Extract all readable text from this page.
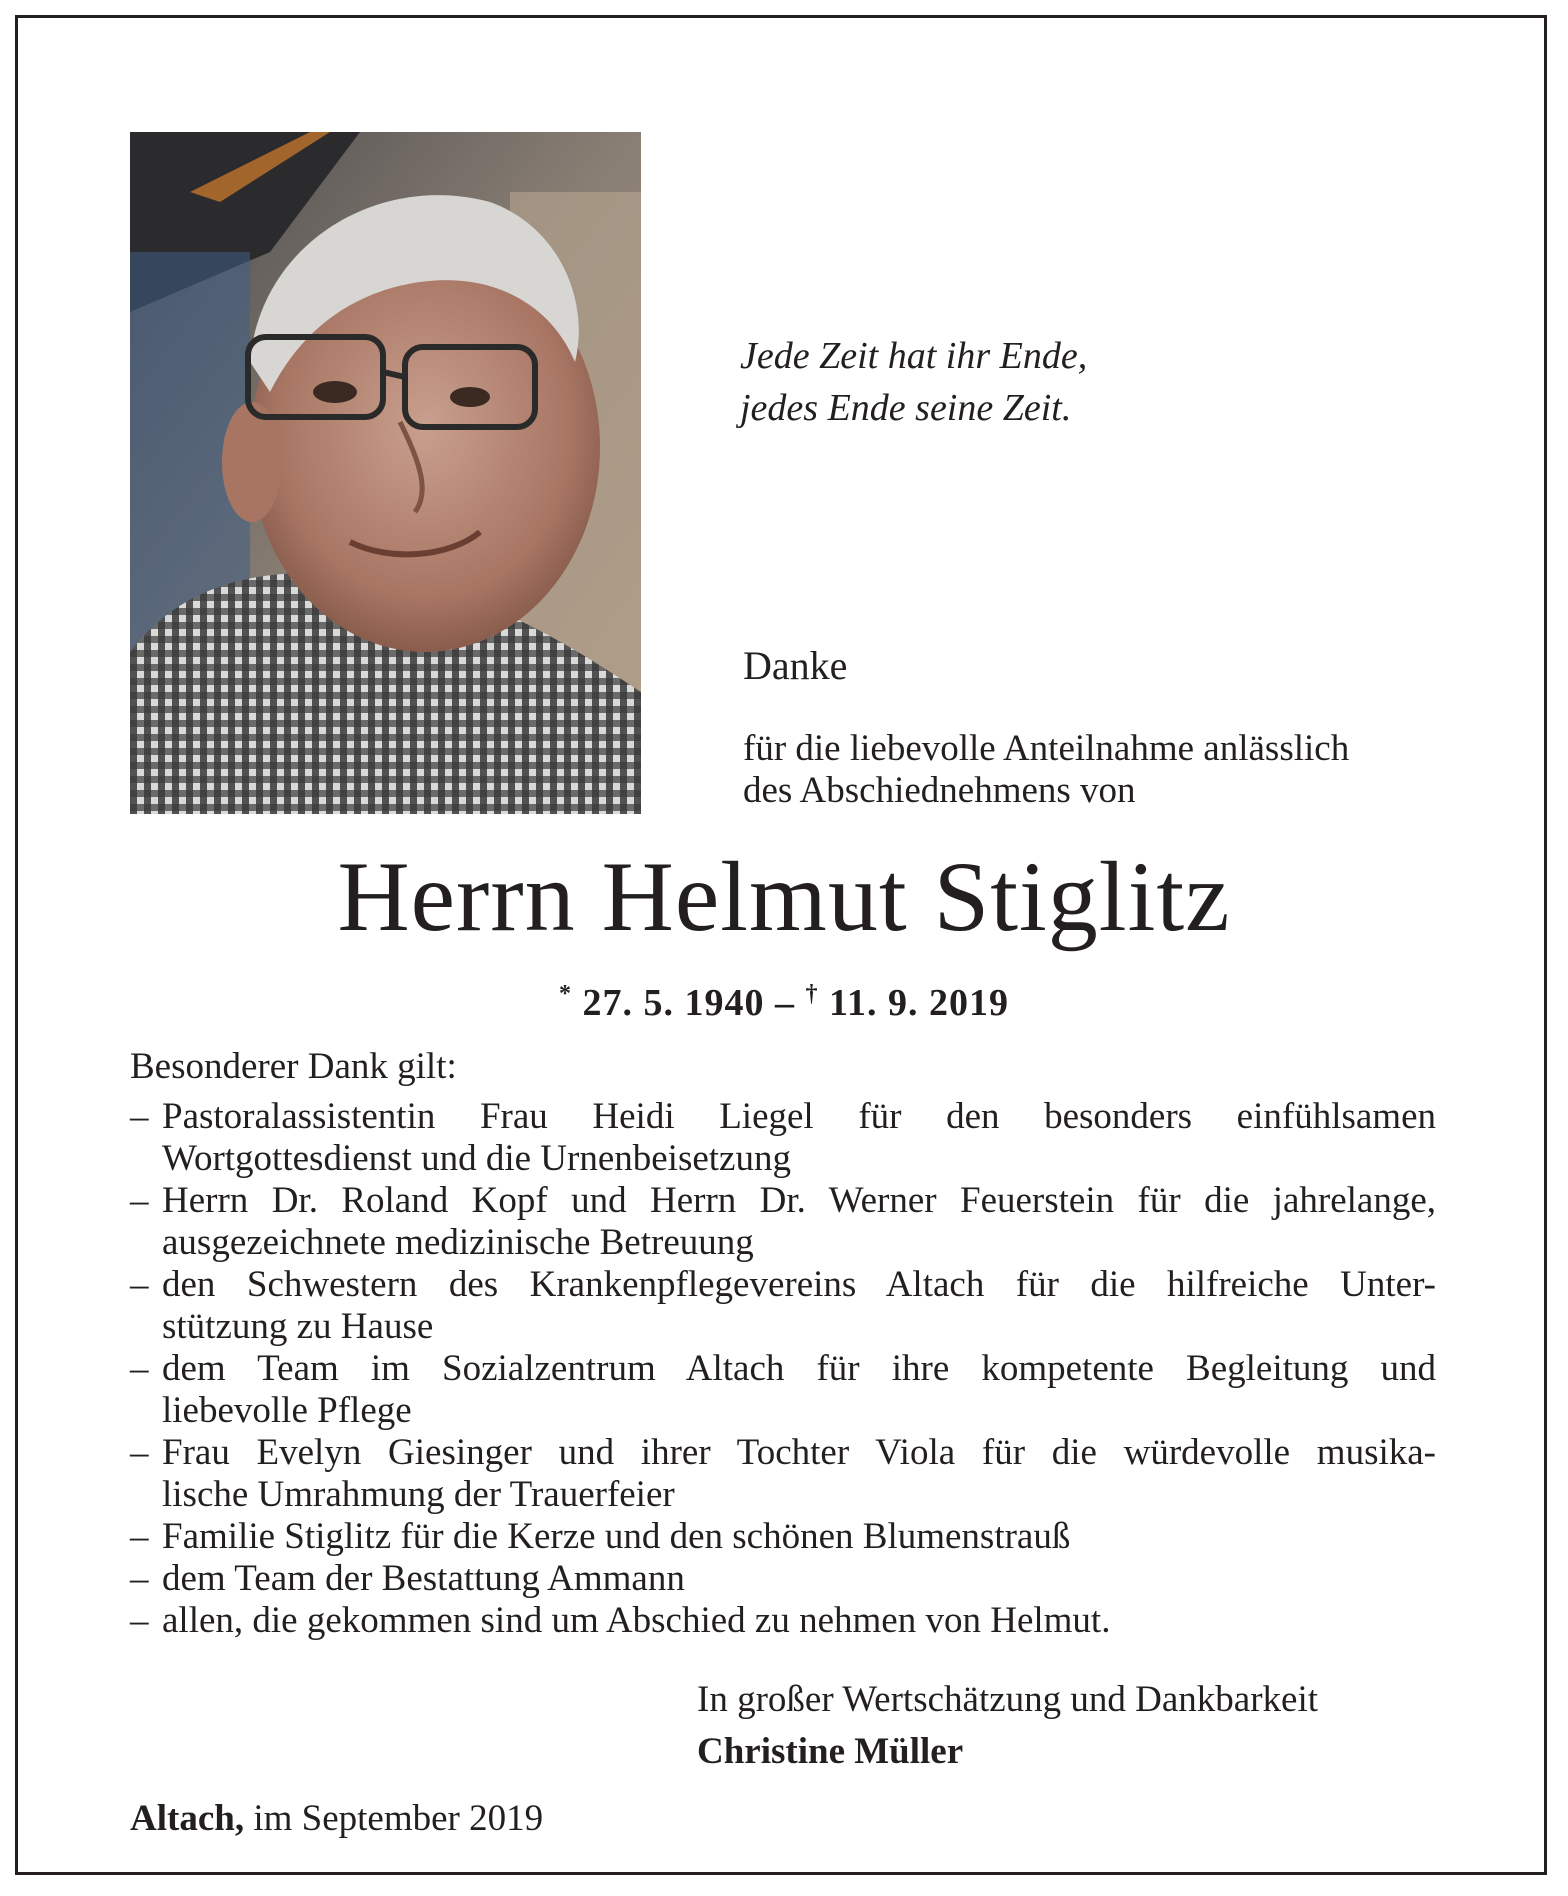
Jede Zeit hat ihr Ende,
jedes Ende seine Zeit.
Danke
für die liebevolle Anteilnahme anlässlich
des Abschiednehmens von
Herrn Helmut Stiglitz
* 27. 5. 1940 – † 11. 9. 2019
Besonderer Dank gilt:
– Pastoralassistentin Frau Heidi Liegel für den besonders einfühlsamen
Wortgottesdienst und die Urnenbeisetzung
– Herrn Dr. Roland Kopf und Herrn Dr. Werner Feuerstein für die jahrelange,
ausgezeichnete medizinische Betreuung
– den Schwestern des Krankenpflegevereins Altach für die hilfreiche Unter-
stützung zu Hause
– dem Team im Sozialzentrum Altach für ihre kompetente Begleitung und
liebevolle Pflege
– Frau Evelyn Giesinger und ihrer Tochter Viola für die würdevolle musika-
lische Umrahmung der Trauerfeier
– Familie Stiglitz für die Kerze und den schönen Blumenstrauß
– dem Team der Bestattung Ammann
– allen, die gekommen sind um Abschied zu nehmen von Helmut.
In großer Wertschätzung und Dankbarkeit
Christine Müller
Altach, im September 2019
